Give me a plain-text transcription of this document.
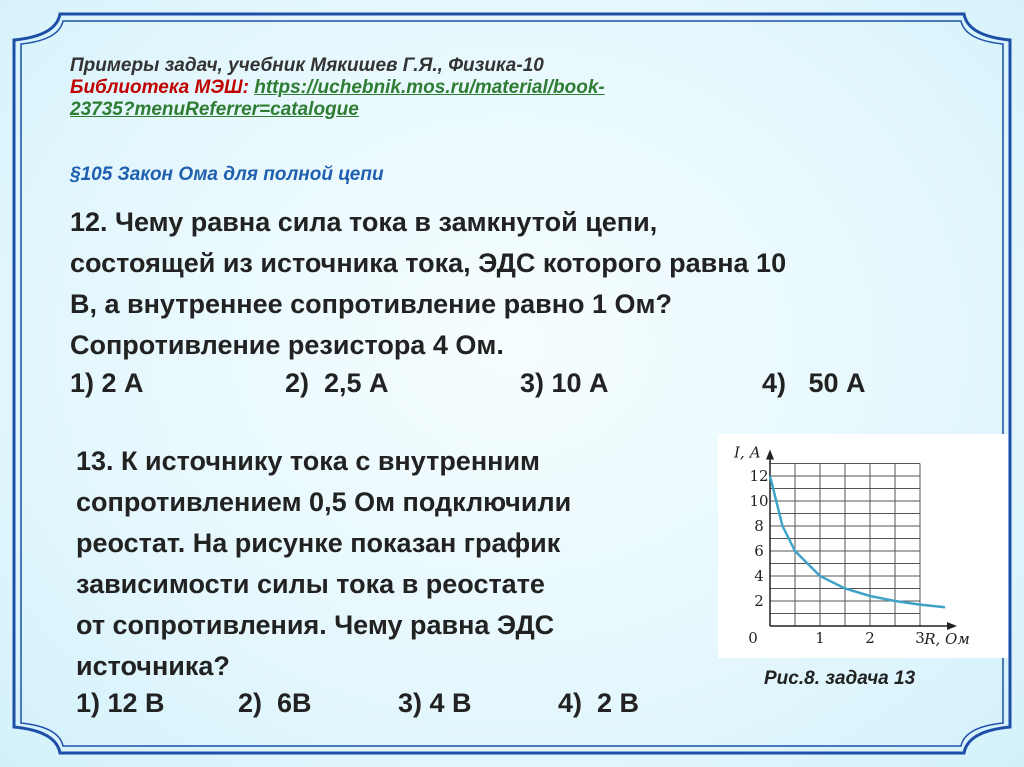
Примеры задач, учебник Мякишев Г.Я., Физика-10
Библиотека МЭШ: https://uchebnik.mos.ru/material/book-
23735?menuReferrer=catalogue
§105 Закон Ома для полной цепи
12. Чему равна сила тока в замкнутой цепи,
состоящей из источника тока, ЭДС которого равна 10
В, а внутреннее сопротивление равно 1 Ом?
Сопротивление резистора 4 Ом.
1) 2 А	2)  2,5 А	3) 10 А	4)   50 А
13. К источнику тока с внутренним
сопротивлением 0,5 Ом подключили
реостат. На рисунке показан график
зависимости силы тока в реостате
от сопротивления. Чему равна ЭДС
источника?
1) 12 В	2)  6В	3) 4 В	4)  2 В
0	1	2	3
2
4
6
8
10
12
I, А
R, Ом
Рис.8. задача 13
